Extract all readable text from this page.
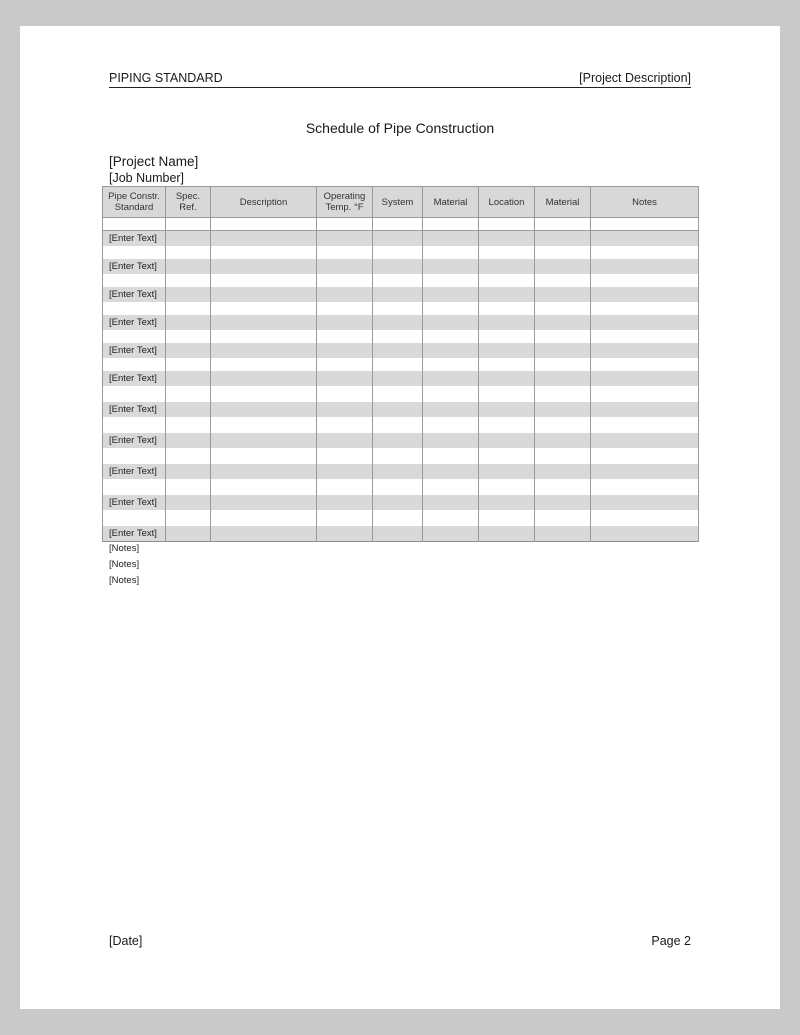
PIPING STANDARD	[Project Description]
Schedule of Pipe Construction
[Project Name]
[Job Number]
Pipe Constr. Standard	Spec. Ref.	Description	Operating Temp. °F	System	Material	Location	Material	Notes

[Enter Text]								

[Enter Text]								

[Enter Text]								

[Enter Text]								

[Enter Text]								

[Enter Text]								

[Enter Text]								

[Enter Text]								

[Enter Text]								

[Enter Text]								

[Enter Text]								
[Notes]
[Notes]
[Notes]
[Date]	Page 2
